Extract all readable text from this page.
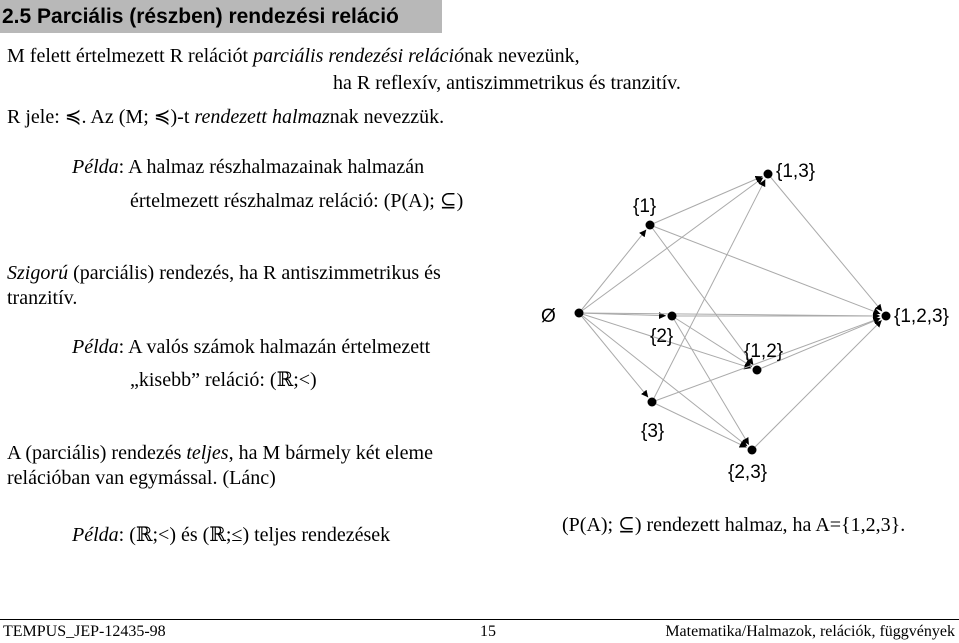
2.5 Parciális (részben) rendezési reláció
M felett értelmezett R relációt parciális rendezési relációnak nevezünk,
ha R reflexív, antiszimmetrikus és tranzitív.
R jele: ≼. Az (M; ≼)-t rendezett halmaznak nevezzük.
Példa: A halmaz részhalmazainak halmazán
értelmezett részhalmaz reláció: (P(A); ⊆)
Szigorú (parciális) rendezés, ha R antiszimmetrikus és
tranzitív.
Példa: A valós számok halmazán értelmezett
„kisebb” reláció: (ℝ;<)
A (parciális) rendezés teljes, ha M bármely két eleme
relációban van egymással. (Lánc)
Példa: (ℝ;<) és (ℝ;≤) teljes rendezések
Ø
{1}
{2}
{3}
{1,2}
{1,3}
{2,3}
{1,2,3}
(P(A); ⊆) rendezett halmaz, ha A={1,2,3}.
TEMPUS_JEP-12435-98	15	Matematika/Halmazok, relációk, függvények
